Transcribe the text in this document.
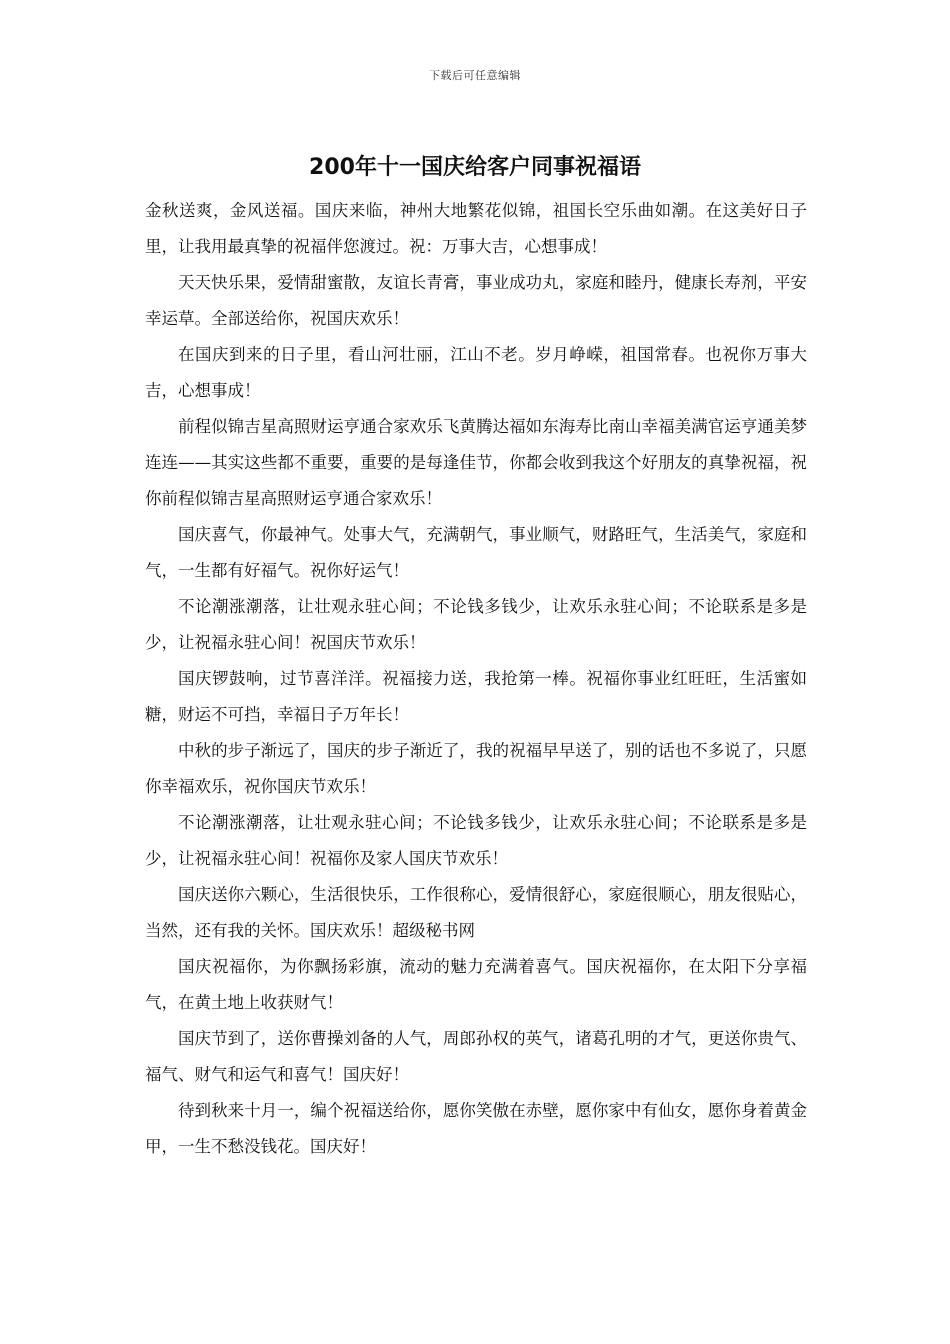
下载后可任意编辑
200年十一国庆给客户同事祝福语

金秋送爽，金风送福。国庆来临，神州大地繁花似锦，祖国长空乐曲如潮。在这美好日子里，让我用最真挚的祝福伴您渡过。祝：万事大吉，心想事成！

天天快乐果，爱情甜蜜散，友谊长青膏，事业成功丸，家庭和睦丹，健康长寿剂，平安幸运草。全部送给你，祝国庆欢乐！

在国庆到来的日子里，看山河壮丽，江山不老。岁月峥嵘，祖国常春。也祝你万事大吉，心想事成！

前程似锦吉星高照财运亨通合家欢乐飞黄腾达福如东海寿比南山幸福美满官运亨通美梦连连——其实这些都不重要，重要的是每逢佳节，你都会收到我这个好朋友的真挚祝福，祝你前程似锦吉星高照财运亨通合家欢乐！

国庆喜气，你最神气。处事大气，充满朝气，事业顺气，财路旺气，生活美气，家庭和气，一生都有好福气。祝你好运气！

不论潮涨潮落，让壮观永驻心间；不论钱多钱少，让欢乐永驻心间；不论联系是多是少，让祝福永驻心间！祝国庆节欢乐！

国庆锣鼓响，过节喜洋洋。祝福接力送，我抢第一棒。祝福你事业红旺旺，生活蜜如糖，财运不可挡，幸福日子万年长！

中秋的步子渐远了，国庆的步子渐近了，我的祝福早早送了，别的话也不多说了，只愿你幸福欢乐，祝你国庆节欢乐！

不论潮涨潮落，让壮观永驻心间；不论钱多钱少，让欢乐永驻心间；不论联系是多是少，让祝福永驻心间！祝福你及家人国庆节欢乐！

国庆送你六颗心，生活很快乐，工作很称心，爱情很舒心，家庭很顺心，朋友很贴心，当然，还有我的关怀。国庆欢乐！超级秘书网

国庆祝福你，为你飘扬彩旗，流动的魅力充满着喜气。国庆祝福你，在太阳下分享福气，在黄土地上收获财气！

国庆节到了，送你曹操刘备的人气，周郎孙权的英气，诸葛孔明的才气，更送你贵气、福气、财气和运气和喜气！国庆好！

待到秋来十月一，编个祝福送给你，愿你笑傲在赤壁，愿你家中有仙女，愿你身着黄金甲，一生不愁没钱花。国庆好！
